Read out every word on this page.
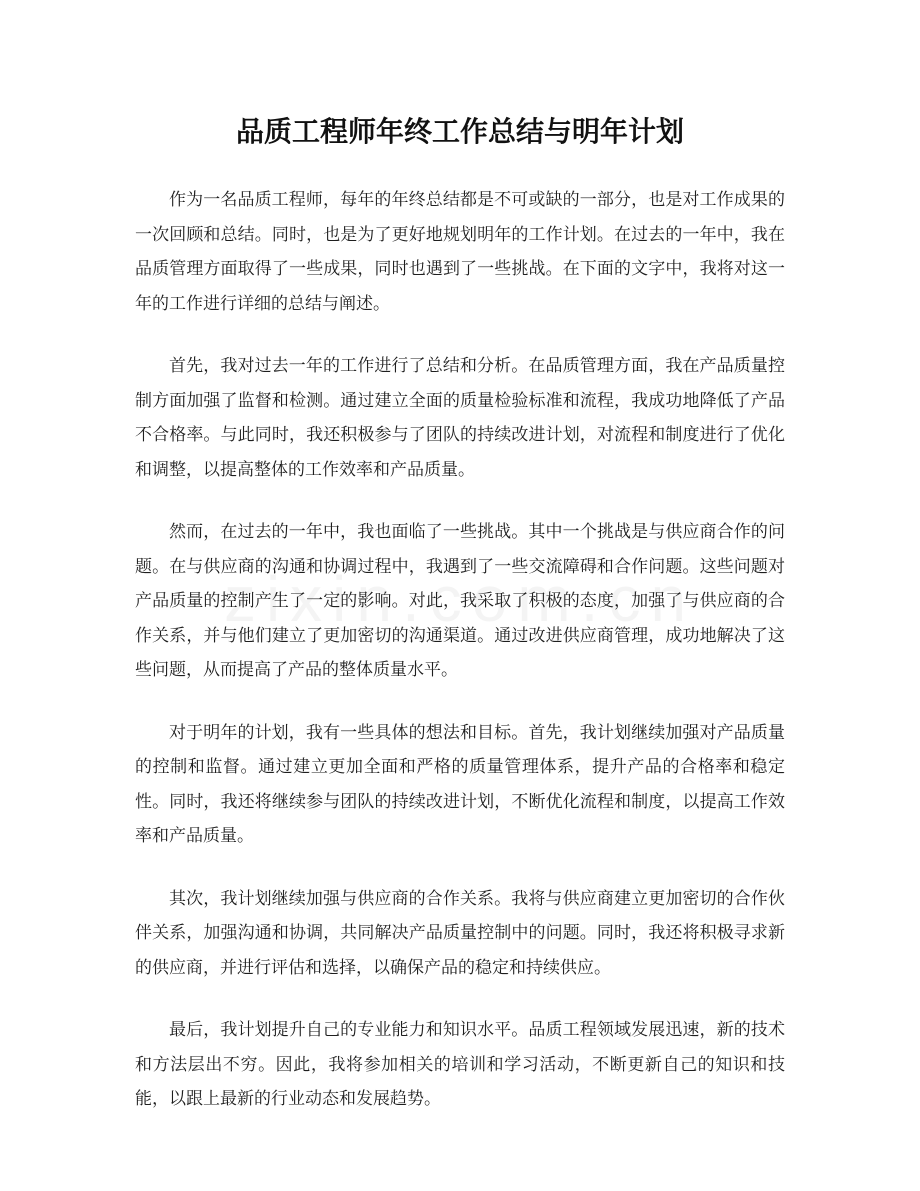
品质工程师年终工作总结与明年计划

作为一名品质工程师，每年的年终总结都是不可或缺的一部分，也是对工作成果的一次回顾和总结。同时，也是为了更好地规划明年的工作计划。在过去的一年中，我在品质管理方面取得了一些成果，同时也遇到了一些挑战。在下面的文字中，我将对这一年的工作进行详细的总结与阐述。

首先，我对过去一年的工作进行了总结和分析。在品质管理方面，我在产品质量控制方面加强了监督和检测。通过建立全面的质量检验标准和流程，我成功地降低了产品不合格率。与此同时，我还积极参与了团队的持续改进计划，对流程和制度进行了优化和调整，以提高整体的工作效率和产品质量。

然而，在过去的一年中，我也面临了一些挑战。其中一个挑战是与供应商合作的问题。在与供应商的沟通和协调过程中，我遇到了一些交流障碍和合作问题。这些问题对产品质量的控制产生了一定的影响。对此，我采取了积极的态度，加强了与供应商的合作关系，并与他们建立了更加密切的沟通渠道。通过改进供应商管理，成功地解决了这些问题，从而提高了产品的整体质量水平。

对于明年的计划，我有一些具体的想法和目标。首先，我计划继续加强对产品质量的控制和监督。通过建立更加全面和严格的质量管理体系，提升产品的合格率和稳定性。同时，我还将继续参与团队的持续改进计划，不断优化流程和制度，以提高工作效率和产品质量。

其次，我计划继续加强与供应商的合作关系。我将与供应商建立更加密切的合作伙伴关系，加强沟通和协调，共同解决产品质量控制中的问题。同时，我还将积极寻求新的供应商，并进行评估和选择，以确保产品的稳定和持续供应。

最后，我计划提升自己的专业能力和知识水平。品质工程领域发展迅速，新的技术和方法层出不穷。因此，我将参加相关的培训和学习活动，不断更新自己的知识和技能，以跟上最新的行业动态和发展趋势。
